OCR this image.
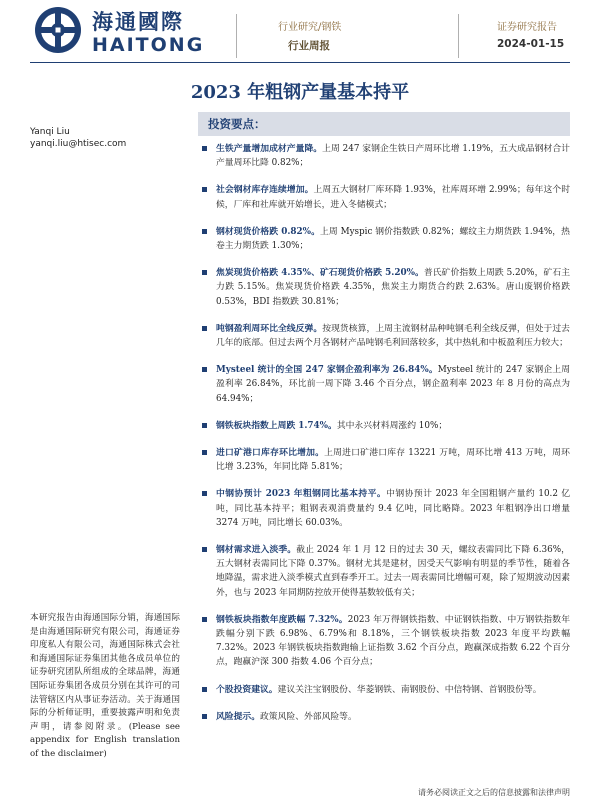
海通國際
HAITONG
行业研究/钢铁
行业周报
证券研究报告
2024-01-15
2023 年粗钢产量基本持平
Yanqi Liu
yanqi.liu@htisec.com
本研究报告由海通国际分销，海通国际是由海通国际研究有限公司，海通证券印度私人有限公司，海通国际株式会社和海通国际证券集团其他各成员单位的证券研究团队所组成的全球品牌，海通国际证券集团各成员分别在其许可的司法管辖区内从事证券活动。关于海通国际的分析师证明，重要披露声明和免责声明，请参阅附录。(Please see appendix for English translation of the disclaimer)
投资要点：
生铁产量增加成材产量降。上周 247 家钢企生铁日产周环比增 1.19%，五大成品钢材合计产量周环比降 0.82%；
社会钢材库存连续增加。上周五大钢材厂库环降 1.93%，社库周环增 2.99%；每年这个时候，厂库和社库就开始增长，进入冬储模式；
钢材现货价格跌 0.82%。上周 Myspic 钢价指数跌 0.82%；螺纹主力期货跌 1.94%，热卷主力期货跌 1.30%；
焦炭现货价格跌 4.35%、矿石现货价格跌 5.20%。普氏矿价指数上周跌 5.20%，矿石主力跌 5.15%。焦炭现货价格跌 4.35%，焦炭主力期货合约跌 2.63%。唐山废钢价格跌 0.53%，BDI 指数跌 30.81%；
吨钢盈利周环比全线反弹。按现货核算，上周主流钢材品种吨钢毛利全线反弹，但处于过去几年的底部。但过去两个月各钢材产品吨钢毛利回落较多，其中热轧和中板盈利压力较大；
Mysteel 统计的全国 247 家钢企盈利率为 26.84%。Mysteel 统计的 247 家钢企上周盈利率 26.84%，环比前一周下降 3.46 个百分点，钢企盈利率 2023 年 8 月份的高点为 64.94%；
钢铁板块指数上周跌 1.74%。其中永兴材料周涨约 10%；
进口矿港口库存环比增加。上周进口矿港口库存 13221 万吨，周环比增 413 万吨，周环比增 3.23%，年同比降 5.81%；
中钢协预计 2023 年粗钢同比基本持平。中钢协预计 2023 年全国粗钢产量约 10.2 亿吨，同比基本持平；粗钢表观消费量约 9.4 亿吨，同比略降。2023 年粗钢净出口增量 3274 万吨，同比增长 60.03%。
钢材需求进入淡季。截止 2024 年 1 月 12 日的过去 30 天，螺纹表需同比下降 6.36%，五大钢材表需同比下降 0.37%。钢材尤其是建材，因受天气影响有明显的季节性，随着各地降温，需求进入淡季模式直到春季开工。过去一周表需同比增幅可观，除了短期波动因素外，也与 2023 年同期防控放开使得基数较低有关；
钢铁板块指数年度跌幅 7.32%。2023 年万得钢铁指数、中证钢铁指数、中万钢铁指数年跌幅分别下跌 6.98%、6.79%和 8.18%，三个钢铁板块指数 2023 年度平均跌幅 7.32%。2023 年钢铁板块指数跑输上证指数 3.62 个百分点，跑赢深成指数 6.22 个百分点，跑赢沪深 300 指数 4.06 个百分点；
个股投资建议。建议关注宝钢股份、华菱钢铁、南钢股份、中信特钢、首钢股份等。
风险提示。政策风险、外部风险等。
请务必阅读正文之后的信息披露和法律声明
